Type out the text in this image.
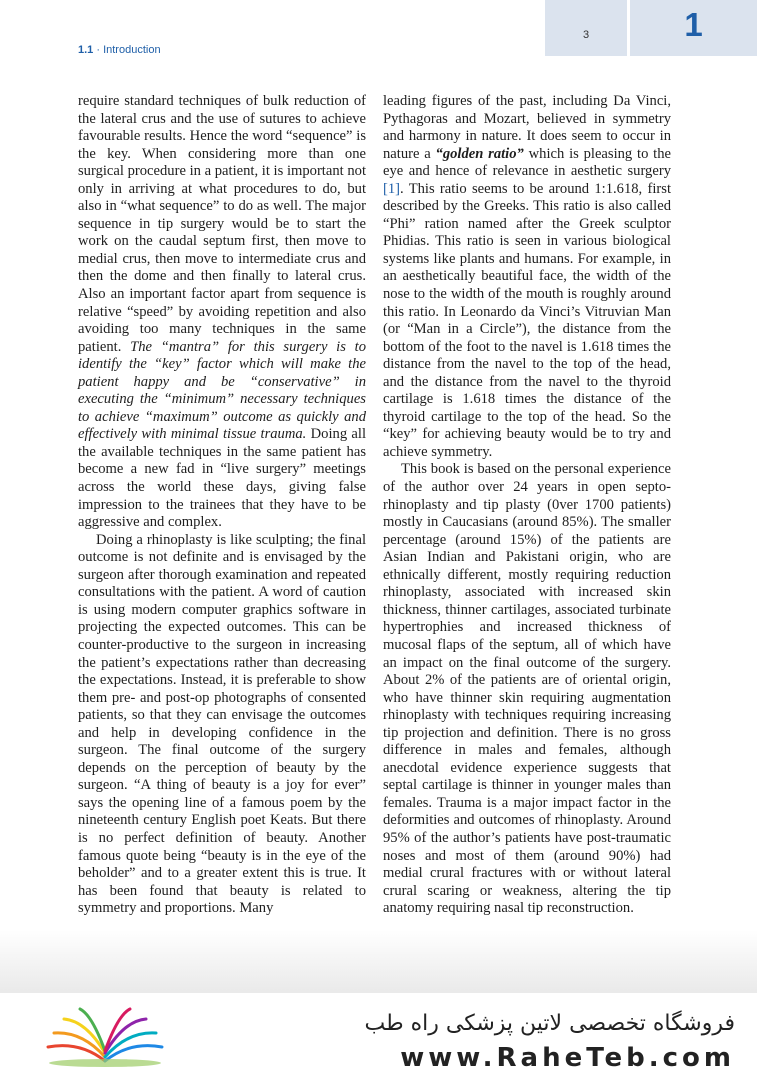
3	1
1.1 · Introduction

require standard techniques of bulk reduction of the lateral crus and the use of sutures to achieve favourable results. Hence the word “sequence” is the key. When considering more than one surgical procedure in a patient, it is important not only in arriving at what procedures to do, but also in “what sequence” to do as well. The major sequence in tip surgery would be to start the work on the caudal septum first, then move to medial crus, then move to intermediate crus and then the dome and then finally to lateral crus. Also an important factor apart from sequence is relative “speed” by avoiding repetition and also avoiding too many techniques in the same patient. The “mantra” for this surgery is to identify the “key” factor which will make the patient happy and be “conservative” in executing the “minimum” necessary techniques to achieve “maximum” outcome as quickly and effectively with minimal tissue trauma. Doing all the available techniques in the same patient has become a new fad in “live surgery” meetings across the world these days, giving false impression to the trainees that they have to be aggressive and complex.

Doing a rhinoplasty is like sculpting; the final outcome is not definite and is envisaged by the surgeon after thorough examination and repeated consultations with the patient. A word of caution is using modern computer graphics software in projecting the expected outcomes. This can be counter-productive to the surgeon in increasing the patient’s expectations rather than decreasing the expectations. Instead, it is preferable to show them pre- and post-op photographs of consented patients, so that they can envisage the outcomes and help in developing confidence in the surgeon. The final outcome of the surgery depends on the perception of beauty by the surgeon. “A thing of beauty is a joy for ever” says the opening line of a famous poem by the nineteenth century English poet Keats. But there is no perfect definition of beauty. Another famous quote being “beauty is in the eye of the beholder” and to a greater extent this is true. It has been found that beauty is related to symmetry and proportions. Many

leading figures of the past, including Da Vinci, Pythagoras and Mozart, believed in symmetry and harmony in nature. It does seem to occur in nature a “golden ratio” which is pleasing to the eye and hence of relevance in aesthetic surgery [1]. This ratio seems to be around 1:1.618, first described by the Greeks. This ratio is also called “Phi” ration named after the Greek sculptor Phidias. This ratio is seen in various biological systems like plants and humans. For example, in an aesthetically beautiful face, the width of the nose to the width of the mouth is roughly around this ratio. In Leonardo da Vinci’s Vitruvian Man (or “Man in a Circle”), the distance from the bottom of the foot to the navel is 1.618 times the distance from the navel to the top of the head, and the distance from the navel to the thyroid cartilage is 1.618 times the distance of the thyroid cartilage to the top of the head. So the “key” for achieving beauty would be to try and achieve symmetry.

This book is based on the personal experience of the author over 24 years in open septo-rhinoplasty and tip plasty (0ver 1700 patients) mostly in Caucasians (around 85%). The smaller percentage (around 15%) of the patients are Asian Indian and Pakistani origin, who are ethnically different, mostly requiring reduction rhinoplasty, associated with increased skin thickness, thinner cartilages, associated turbinate hypertrophies and increased thickness of mucosal flaps of the septum, all of which have an impact on the final outcome of the surgery. About 2% of the patients are of oriental origin, who have thinner skin requiring augmentation rhinoplasty with techniques requiring increasing tip projection and definition. There is no gross difference in males and females, although anecdotal evidence experience suggests that septal cartilage is thinner in younger males than females. Trauma is a major impact factor in the deformities and outcomes of rhinoplasty. Around 95% of the author’s patients have post-traumatic noses and most of them (around 90%) had medial crural fractures with or without lateral crural scaring or weakness, altering the tip anatomy requiring nasal tip reconstruction.

فروشگاه تخصصی لاتین پزشکی راه طب
www.RaheTeb.com
